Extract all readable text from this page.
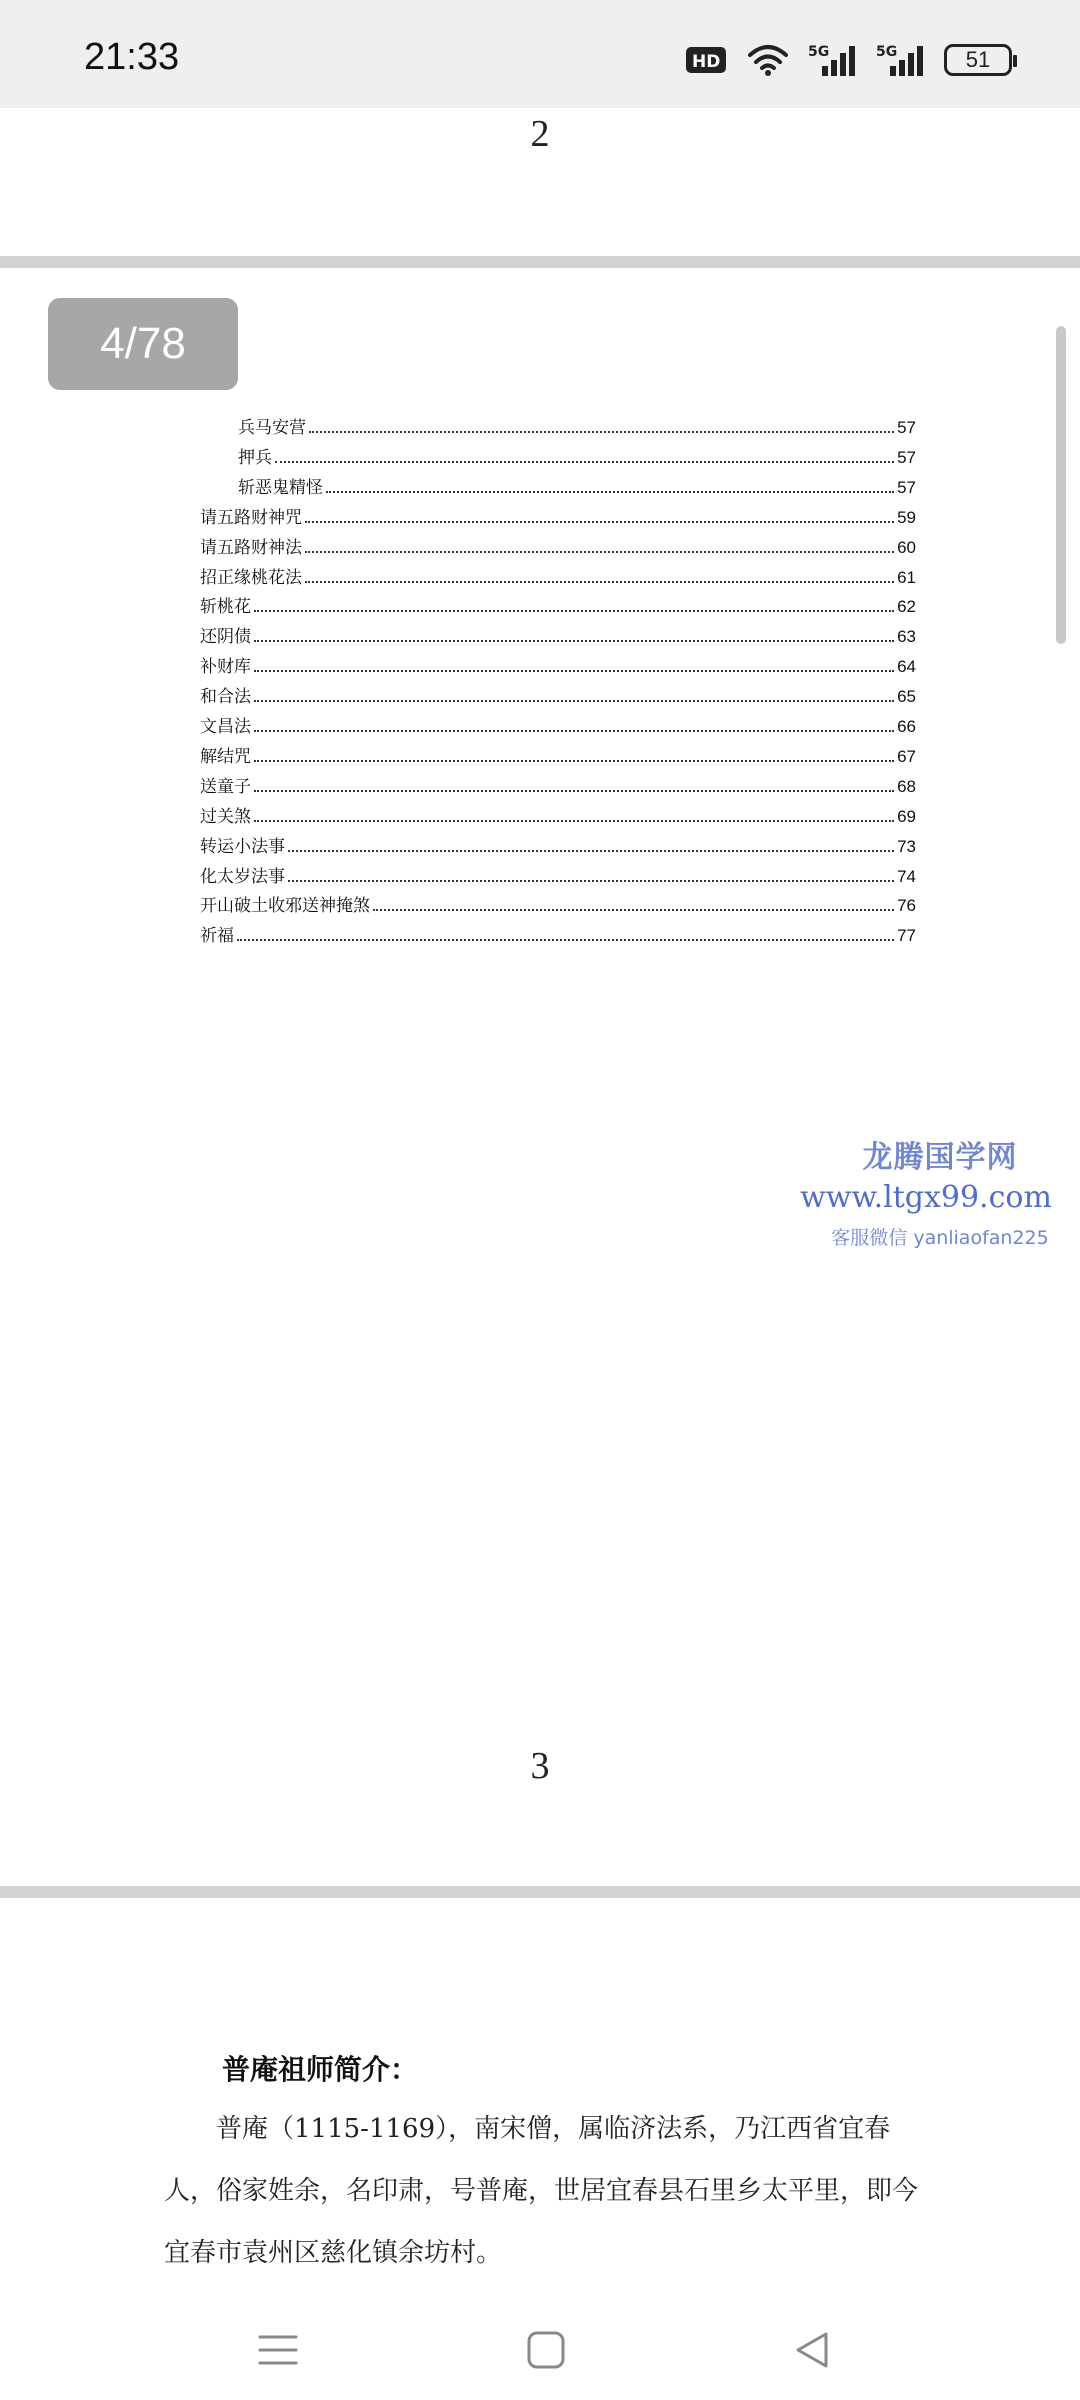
21:33	HD	5G	5G	51
2
4/78
兵马安营	57
押兵	57
斩恶鬼精怪	57
请五路财神咒	59
请五路财神法	60
招正缘桃花法	61
斩桃花	62
还阴债	63
补财库	64
和合法	65
文昌法	66
解结咒	67
送童子	68
过关煞	69
转运小法事	73
化太岁法事	74
开山破土收邪送神掩煞	76
祈福	77
龙腾国学网
www.ltgx99.com
客服微信 yanliaofan225
3
普庵祖师简介：
普庵（1115-1169），南宋僧，属临济法系，乃江西省宜春人，俗家姓余，名印肃，号普庵，世居宜春县石里乡太平里，即今宜春市袁州区慈化镇余坊村。
